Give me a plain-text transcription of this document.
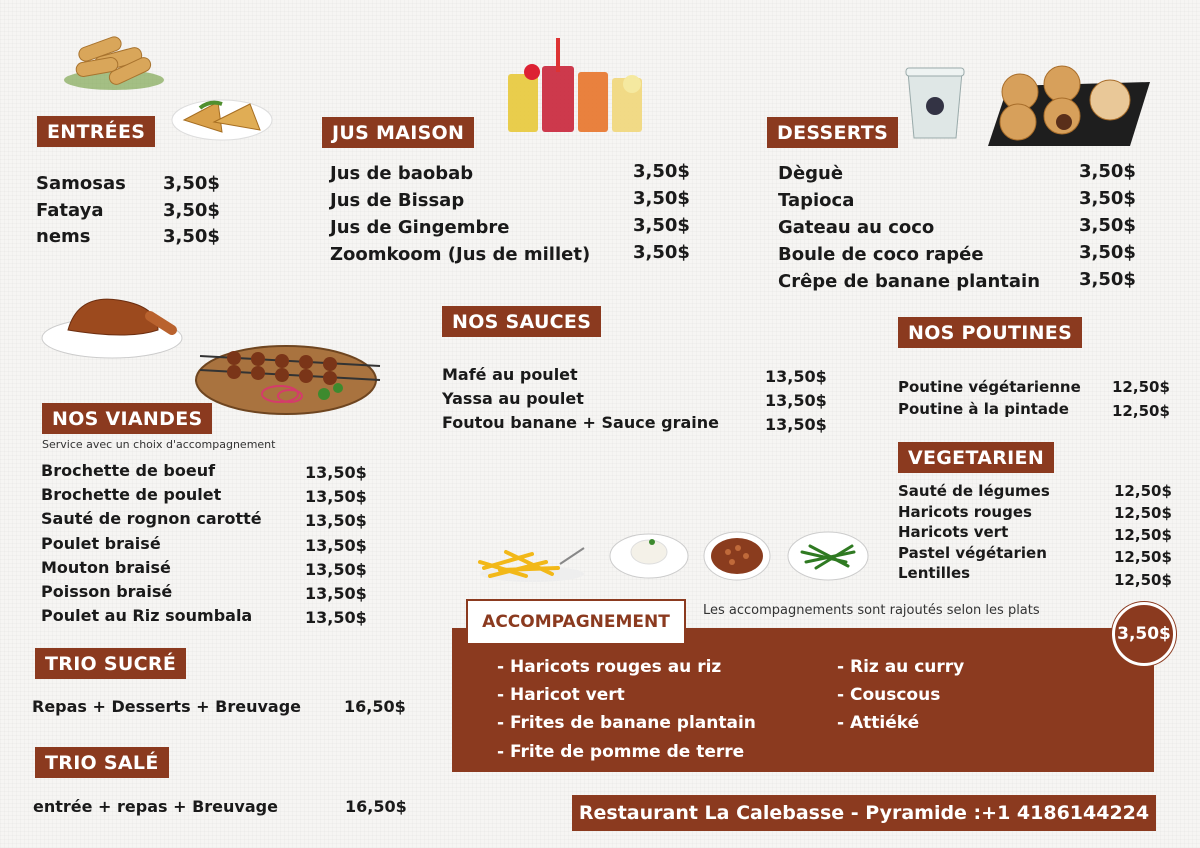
ENTRÉES
Samosas 3,50$
Fataya	3,50$
nems	3,50$
JUS MAISON
Jus de baobab	3,50$
Jus de Bissap	3,50$
Jus de Gingembre	3,50$
Zoomkoom (Jus de millet) 3,50$
DESSERTS
Dèguè	3,50$
Tapioca	3,50$
Gateau au coco	3,50$
Boule de coco rapée	3,50$
Crêpe de banane plantain 3,50$
NOS SAUCES
Mafé au poulet	13,50$
Yassa au poulet	13,50$
Foutou banane + Sauce graine	13,50$
NOS POUTINES
Poutine végétarienne 12,50$
Poutine à la pintade	12,50$
NOS VIANDES
Service avec un choix d'accompagnement
Brochette de boeuf	13,50$
Brochette de poulet	13,50$
Sauté de rognon carotté	13,50$
Poulet braisé	13,50$
Mouton braisé	13,50$
Poisson braisé	13,50$
Poulet au Riz soumbala	13,50$
VEGETARIEN
Sauté de légumes	12,50$
Haricots rouges	12,50$
Haricots vert	12,50$
Pastel végétarien	12,50$
Lentilles	12,50$
TRIO SUCRÉ
Repas + Desserts + Breuvage	16,50$
TRIO SALÉ
entrée + repas + Breuvage	16,50$
ACCOMPAGNEMENT
Les accompagnements sont rajoutés selon les plats
3,50$
- Haricots rouges au riz
- Haricot vert
- Frites de banane plantain
- Frite de pomme de terre
- Riz au curry
- Couscous
- Attiéké
Restaurant La Calebasse - Pyramide :+1 4186144224
